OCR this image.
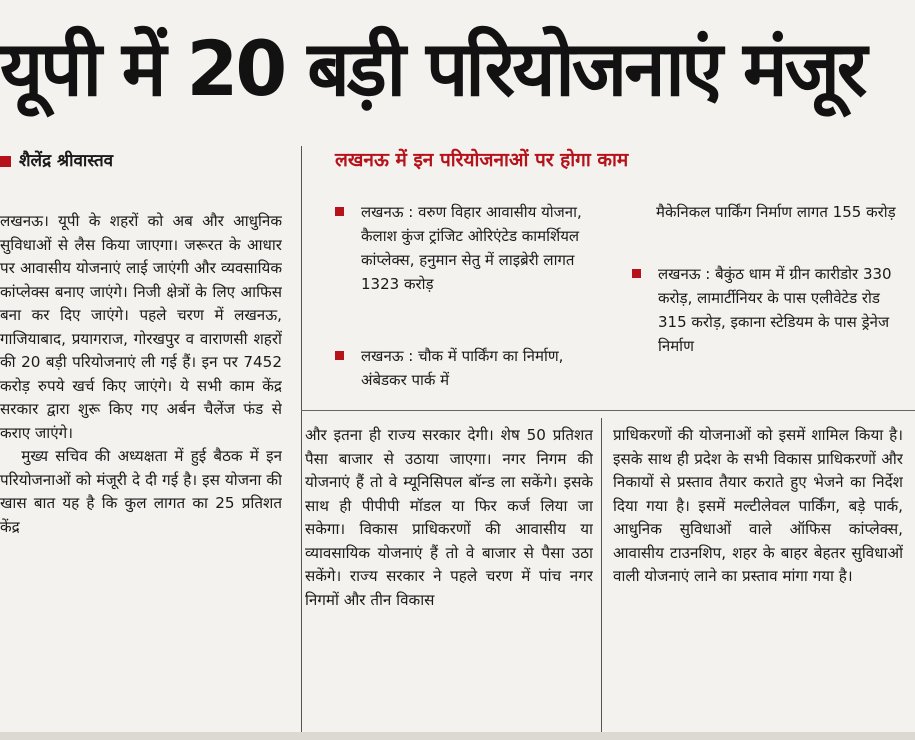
यूपी में 20 बड़ी परियोजनाएं मंजूर
शैलेंद्र श्रीवास्तव	लखनऊ में इन परियोजनाओं पर होगा काम
लखनऊ : वरुण विहार आवासीय योजना, कैलाश कुंज ट्रांजिट ओरिएंटेड कामर्शियल कांप्लेक्स, हनुमान सेतु में लाइब्रेरी लागत 1323 करोड़
लखनऊ : चौक में पार्किंग का निर्माण, अंबेडकर पार्क में
मैकेनिकल पार्किंग निर्माण लागत 155 करोड़
लखनऊ : बैकुंठ धाम में ग्रीन कारीडोर 330 करोड़, लामार्टीनियर के पास एलीवेटेड रोड 315 करोड़, इकाना स्टेडियम के पास ड्रेनेज निर्माण

लखनऊ। यूपी के शहरों को अब और आधुनिक सुविधाओं से लैस किया जाएगा। जरूरत के आधार पर आवासीय योजनाएं लाई जाएंगी और व्यवसायिक कांप्लेक्स बनाए जाएंगे। निजी क्षेत्रों के लिए आफिस बना कर दिए जाएंगे। पहले चरण में लखनऊ, गाजियाबाद, प्रयागराज, गोरखपुर व वाराणसी शहरों की 20 बड़ी परियोजनाएं ली गई हैं। इन पर 7452 करोड़ रुपये खर्च किए जाएंगे। ये सभी काम केंद्र सरकार द्वारा शुरू किए गए अर्बन चैलेंज फंड से कराए जाएंगे।

मुख्य सचिव की अध्यक्षता में हुई बैठक में इन परियोजनाओं को मंजूरी दे दी गई है। इस योजना की खास बात यह है कि कुल लागत का 25 प्रतिशत केंद्र

और इतना ही राज्य सरकार देगी। शेष 50 प्रतिशत पैसा बाजार से उठाया जाएगा। नगर निगम की योजनाएं हैं तो वे म्यूनिसिपल बॉन्ड ला सकेंगे। इसके साथ ही पीपीपी मॉडल या फिर कर्ज लिया जा सकेगा। विकास प्राधिकरणों की आवासीय या व्यावसायिक योजनाएं हैं तो वे बाजार से पैसा उठा सकेंगे। राज्य सरकार ने पहले चरण में पांच नगर निगमों और तीन विकास

प्राधिकरणों की योजनाओं को इसमें शामिल किया है। इसके साथ ही प्रदेश के सभी विकास प्राधिकरणों और निकायों से प्रस्ताव तैयार कराते हुए भेजने का निर्देश दिया गया है। इसमें मल्टीलेवल पार्किंग, बड़े पार्क, आधुनिक सुविधाओं वाले ऑफिस कांप्लेक्स, आवासीय टाउनशिप, शहर के बाहर बेहतर सुविधाओं वाली योजनाएं लाने का प्रस्ताव मांगा गया है।
